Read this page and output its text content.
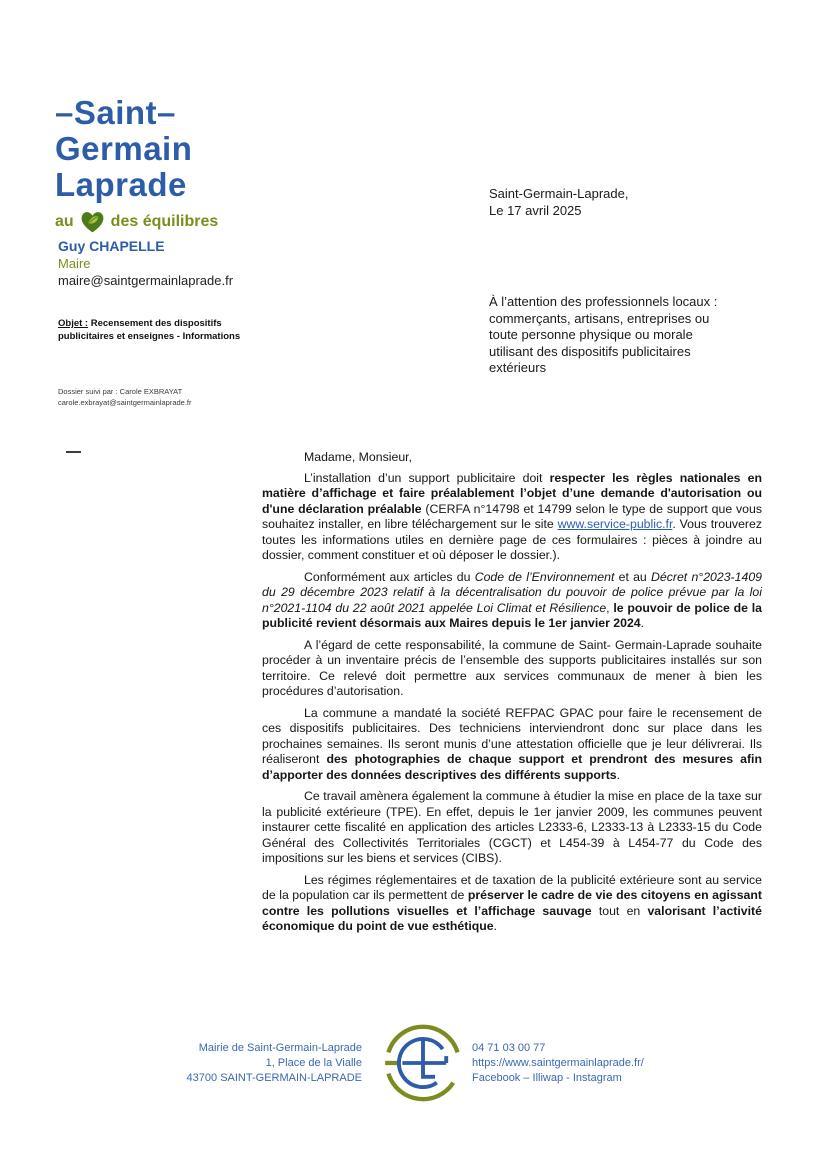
–Saint–
Germain
Laprade
au des équilibres
Guy CHAPELLE
Maire
maire@saintgermainlaprade.fr
Objet : Recensement des dispositifs publicitaires et enseignes - Informations
Dossier suivi par : Carole EXBRAYAT
carole.exbrayat@saintgermainlaprade.fr
Saint-Germain-Laprade,
Le 17 avril 2025
À l’attention des professionnels locaux :
commerçants, artisans, entreprises ou
toute personne physique ou morale
utilisant des dispositifs publicitaires
extérieurs

Madame, Monsieur,

L’installation d’un support publicitaire doit respecter les règles nationales en matière d’affichage et faire préalablement l’objet d’une demande d'autorisation ou d'une déclaration préalable (CERFA n°14798 et 14799 selon le type de support que vous souhaitez installer, en libre téléchargement sur le site www.service-public.fr. Vous trouverez toutes les informations utiles en dernière page de ces formulaires : pièces à joindre au dossier, comment constituer et où déposer le dossier.).

Conformément aux articles du Code de l’Environnement et au Décret n°2023-1409 du 29 décembre 2023 relatif à la décentralisation du pouvoir de police prévue par la loi n°2021-1104 du 22 août 2021 appelée Loi Climat et Résilience, le pouvoir de police de la publicité revient désormais aux Maires depuis le 1er janvier 2024.

A l’égard de cette responsabilité, la commune de Saint- Germain-Laprade souhaite procéder à un inventaire précis de l’ensemble des supports publicitaires installés sur son territoire. Ce relevé doit permettre aux services communaux de mener à bien les procédures d’autorisation.

La commune a mandaté la société REFPAC GPAC pour faire le recensement de ces dispositifs publicitaires. Des techniciens interviendront donc sur place dans les prochaines semaines. Ils seront munis d’une attestation officielle que je leur délivrerai. Ils réaliseront des photographies de chaque support et prendront des mesures afin d’apporter des données descriptives des différents supports.

Ce travail amènera également la commune à étudier la mise en place de la taxe sur la publicité extérieure (TPE). En effet, depuis le 1er janvier 2009, les communes peuvent instaurer cette fiscalité en application des articles L2333-6, L2333-13 à L2333-15 du Code Général des Collectivités Territoriales (CGCT) et L454-39 à L454-77 du Code des impositions sur les biens et services (CIBS).

Les régimes réglementaires et de taxation de la publicité extérieure sont au service de la population car ils permettent de préserver le cadre de vie des citoyens en agissant contre les pollutions visuelles et l’affichage sauvage tout en valorisant l’activité économique du point de vue esthétique.

Mairie de Saint-Germain-Laprade
1, Place de la Vialle
43700 SAINT-GERMAIN-LAPRADE
04 71 03 00 77
https://www.saintgermainlaprade.fr/
Facebook – Illiwap - Instagram
